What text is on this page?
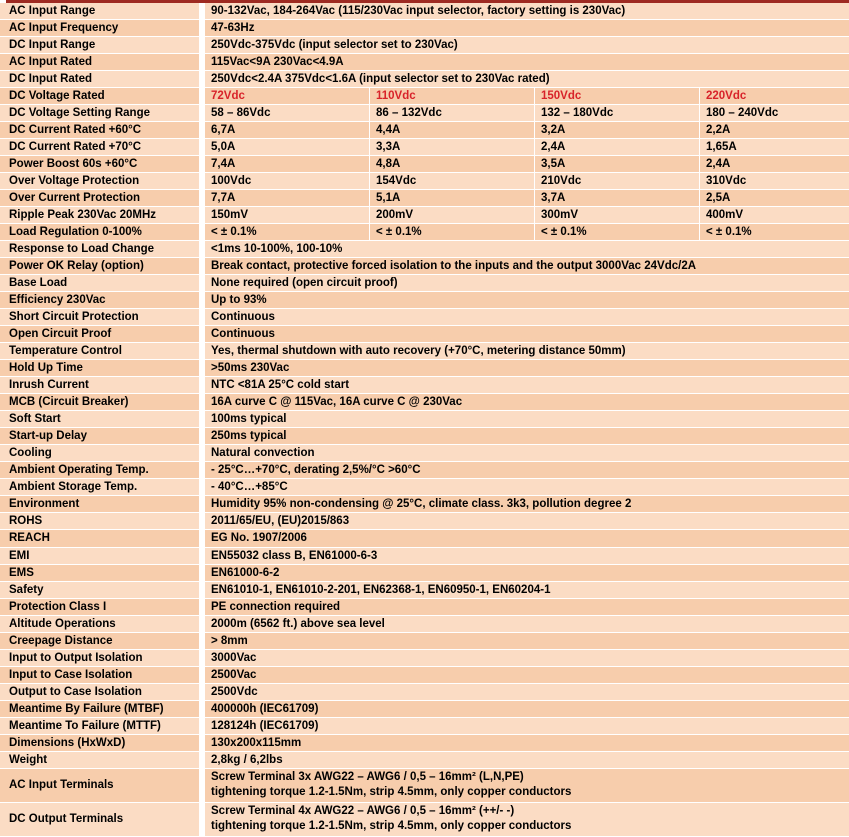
AC Input Range	90-132Vac, 184-264Vac (115/230Vac input selector, factory setting is 230Vac)			
AC Input Frequency	47-63Hz			
DC Input Range	250Vdc-375Vdc (input selector set to 230Vac)			
AC Input Rated	115Vac<9A 230Vac<4.9A			
DC Input Rated	250Vdc<2.4A 375Vdc<1.6A (input selector set to 230Vac rated)			
DC Voltage Rated	72Vdc	110Vdc	150Vdc	220Vdc
DC Voltage Setting Range	58 – 86Vdc	86 – 132Vdc	132 – 180Vdc	180 – 240Vdc
DC Current Rated +60°C	6,7A	4,4A	3,2A	2,2A
DC Current Rated +70°C	5,0A	3,3A	2,4A	1,65A
Power Boost 60s +60°C	7,4A	4,8A	3,5A	2,4A
Over Voltage Protection	100Vdc	154Vdc	210Vdc	310Vdc
Over Current Protection	7,7A	5,1A	3,7A	2,5A
Ripple Peak 230Vac 20MHz	150mV	200mV	300mV	400mV
Load Regulation 0-100%	< ± 0.1%	< ± 0.1%	< ± 0.1%	< ± 0.1%
Response to Load Change	<1ms 10-100%, 100-10%			
Power OK Relay (option)	Break contact, protective forced isolation to the inputs and the output 3000Vac 24Vdc/2A			
Base Load	None required (open circuit proof)			
Efficiency 230Vac	Up to 93%			
Short Circuit Protection	Continuous			
Open Circuit Proof	Continuous			
Temperature Control	Yes, thermal shutdown with auto recovery (+70°C, metering distance 50mm)			
Hold Up Time	>50ms 230Vac			
Inrush Current	NTC <81A 25°C cold start			
MCB (Circuit Breaker)	16A curve C @ 115Vac, 16A curve C @ 230Vac			
Soft Start	100ms typical			
Start-up Delay	250ms typical			
Cooling	Natural convection			
Ambient Operating Temp.	- 25°C…+70°C, derating 2,5%/°C >60°C			
Ambient Storage Temp.	- 40°C…+85°C			
Environment	Humidity 95% non-condensing @ 25°C, climate class. 3k3, pollution degree 2			
ROHS	2011/65/EU, (EU)2015/863			
REACH	EG No. 1907/2006			
EMI	EN55032 class B, EN61000-6-3			
EMS	EN61000-6-2			
Safety	EN61010-1, EN61010-2-201, EN62368-1, EN60950-1, EN60204-1			
Protection Class I	PE connection required			
Altitude Operations	2000m (6562 ft.) above sea level			
Creepage Distance	> 8mm			
Input to Output Isolation	3000Vac			
Input to Case Isolation	2500Vac			
Output to Case Isolation	2500Vdc			
Meantime By Failure (MTBF)	400000h (IEC61709)			
Meantime To Failure (MTTF)	128124h (IEC61709)			
Dimensions (HxWxD)	130x200x115mm			
Weight	2,8kg / 6,2lbs			
AC Input Terminals	Screw Terminal 3x AWG22 – AWG6 / 0,5 – 16mm² (L,N,PE)
tightening torque 1.2-1.5Nm, strip 4.5mm, only copper conductors			

DC Output Terminals	Screw Terminal 4x AWG22 – AWG6 / 0,5 – 16mm² (++/- -)
tightening torque 1.2-1.5Nm, strip 4.5mm, only copper conductors			
